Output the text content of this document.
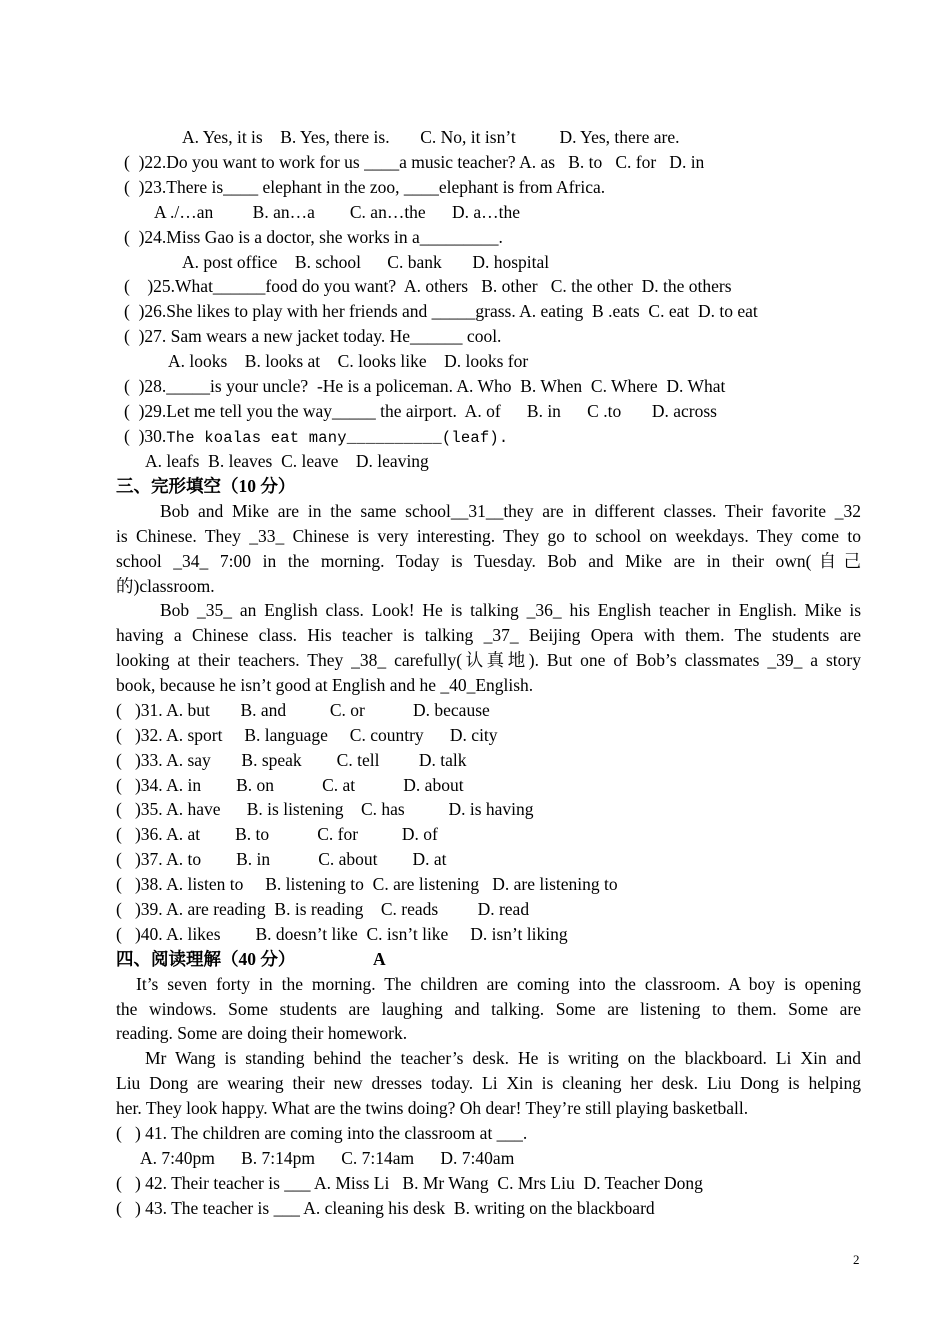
A. Yes, it is    B. Yes, there is.       C. No, it isn’t          D. Yes, there are.
(  )22.Do you want to work for us ____a music teacher? A. as   B. to   C. for   D. in
(  )23.There is____ elephant in the zoo, ____elephant is from Africa.
A ./…an         B. an…a        C. an…the      D. a…the
(  )24.Miss Gao is a doctor, she works in a_________.
A. post office    B. school      C. bank       D. hospital
(    )25.What______food do you want?  A. others   B. other   C. the other  D. the others
(  )26.She likes to play with her friends and _____grass. A. eating  B .eats  C. eat  D. to eat
(  )27. Sam wears a new jacket today. He______ cool.
A. looks    B. looks at    C. looks like    D. looks for
(  )28._____is your uncle?  -He is a policeman. A. Who  B. When  C. Where  D. What
(  )29.Let me tell you the way_____ the airport.  A. of      B. in      C .to       D. across
(  )30.The koalas eat many__________(leaf).
A. leafs  B. leaves  C. leave    D. leaving
三、完形填空（10 分）
Bob and Mike are in the same school__31__they are in different classes. Their favorite _32
is Chinese. They _33_ Chinese is very interesting. They go to school on weekdays. They come to
school _34_ 7:00 in the morning. Today is Tuesday. Bob and Mike are in their own(自己
的)classroom.
Bob _35_ an English class. Look! He is talking _36_ his English teacher in English. Mike is
having a Chinese class. His teacher is talking _37_ Beijing Opera with them. The students are
looking at their teachers. They _38_ carefully(认真地). But one of Bob’s classmates _39_ a story
book, because he isn’t good at English and he _40_English.
(   )31. A. but       B. and          C. or           D. because
(   )32. A. sport     B. language     C. country      D. city
(   )33. A. say       B. speak        C. tell         D. talk
(   )34. A. in        B. on           C. at           D. about
(   )35. A. have      B. is listening    C. has          D. is having
(   )36. A. at        B. to           C. for          D. of
(   )37. A. to        B. in           C. about        D. at
(   )38. A. listen to     B. listening to  C. are listening   D. are listening to
(   )39. A. are reading  B. is reading    C. reads         D. read
(   )40. A. likes        B. doesn’t like  C. isn’t like     D. isn’t liking
四、阅读理解（40 分）	A
It’s seven forty in the morning. The children are coming into the classroom. A boy is opening
the windows. Some students are laughing and talking. Some are listening to them. Some are
reading. Some are doing their homework.
Mr Wang is standing behind the teacher’s desk. He is writing on the blackboard. Li Xin and
Liu Dong are wearing their new dresses today. Li Xin is cleaning her desk. Liu Dong is helping
her. They look happy. What are the twins doing? Oh dear! They’re still playing basketball.
(   ) 41. The children are coming into the classroom at ___.
A. 7:40pm      B. 7:14pm      C. 7:14am      D. 7:40am
(   ) 42. Their teacher is ___ A. Miss Li   B. Mr Wang  C. Mrs Liu  D. Teacher Dong
(   ) 43. The teacher is ___ A. cleaning his desk  B. writing on the blackboard
2
